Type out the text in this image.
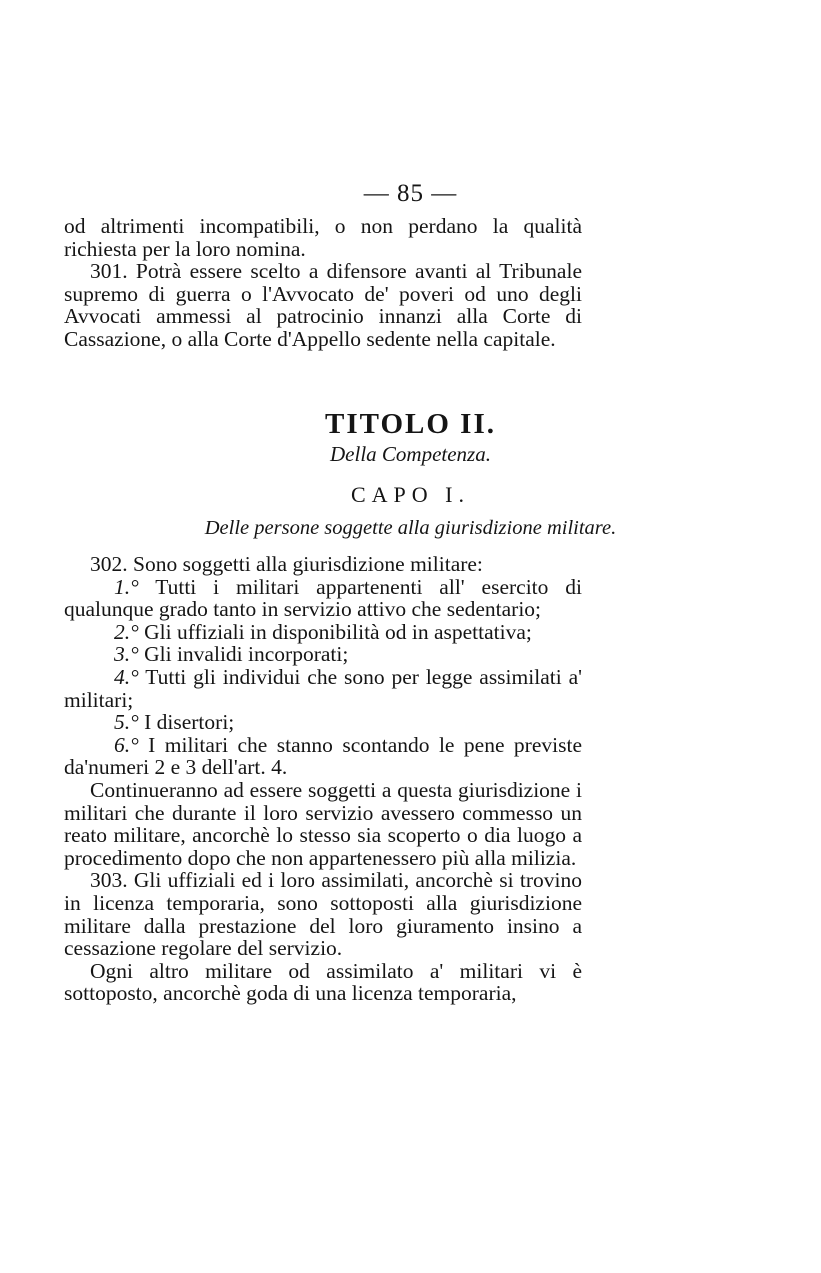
— 85 —

od altrimenti incompatibili, o non perdano la qualità richiesta per la loro nomina.

301. Potrà essere scelto a difensore avanti al Tribunale supremo di guerra o l'Avvocato de' poveri od uno degli Avvocati ammessi al patrocinio innanzi alla Corte di Cassazione, o alla Corte d'Appello sedente nella capitale.

TITOLO II.
Della Competenza.
CAPO I.
Delle persone soggette alla giurisdizione militare.

302. Sono soggetti alla giurisdizione militare:

1.° Tutti i militari appartenenti all' esercito di qualunque grado tanto in servizio attivo che sedentario;

2.° Gli uffiziali in disponibilità od in aspettativa;

3.° Gli invalidi incorporati;

4.° Tutti gli individui che sono per legge assimilati a' militari;

5.° I disertori;

6.° I militari che stanno scontando le pene previste da'numeri 2 e 3 dell'art. 4.

Continueranno ad essere soggetti a questa giurisdizione i militari che durante il loro servizio avessero commesso un reato militare, ancorchè lo stesso sia scoperto o dia luogo a procedimento dopo che non appartenessero più alla milizia.

303. Gli uffiziali ed i loro assimilati, ancorchè si trovino in licenza temporaria, sono sottoposti alla giurisdizione militare dalla prestazione del loro giuramento insino a cessazione regolare del servizio.

Ogni altro militare od assimilato a' militari vi è sottoposto, ancorchè goda di una licenza temporaria,
